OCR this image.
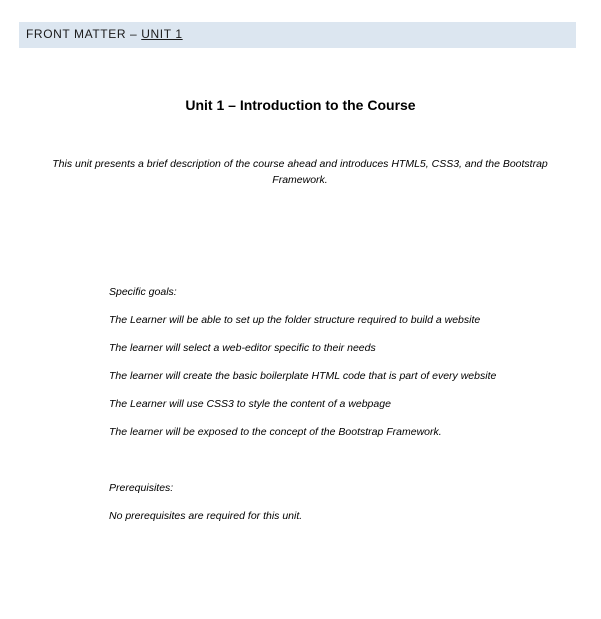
FRONT MATTER – UNIT 1
Unit 1 – Introduction to the Course
This unit presents a brief description of the course ahead and introduces HTML5, CSS3, and the Bootstrap Framework.
Specific goals:
The Learner will be able to set up the folder structure required to build a website
The learner will select a web-editor specific to their needs
The learner will create the basic boilerplate HTML code that is part of every website
The Learner will use CSS3 to style the content of a webpage
The learner will be exposed to the concept of the Bootstrap Framework.
Prerequisites:
No prerequisites are required for this unit.
